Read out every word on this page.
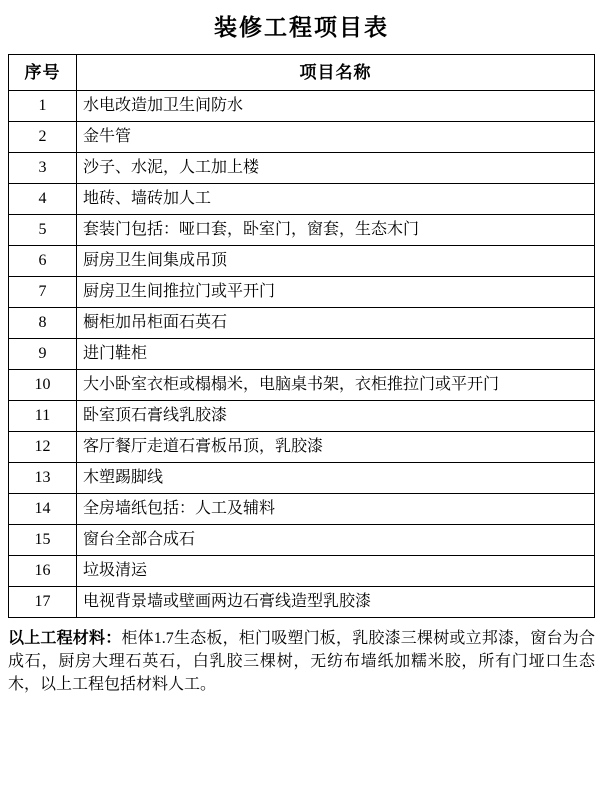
装修工程项目表
序号	项目名称
1	水电改造加卫生间防水
2	金牛管
3	沙子、水泥，人工加上楼
4	地砖、墙砖加人工
5	套装门包括：哑口套，卧室门，窗套，生态木门
6	厨房卫生间集成吊顶
7	厨房卫生间推拉门或平开门
8	橱柜加吊柜面石英石
9	进门鞋柜
10	大小卧室衣柜或榻榻米，电脑桌书架，衣柜推拉门或平开门
11	卧室顶石膏线乳胶漆
12	客厅餐厅走道石膏板吊顶，乳胶漆
13	木塑踢脚线
14	全房墙纸包括：人工及辅料
15	窗台全部合成石
16	垃圾清运
17	电视背景墙或壁画两边石膏线造型乳胶漆
以上工程材料：柜体1.7生态板，柜门吸塑门板，乳胶漆三棵树或立邦漆，窗台为合成石，厨房大理石英石，白乳胶三棵树，无纺布墙纸加糯米胶，所有门垭口生态木，以上工程包括材料人工。
